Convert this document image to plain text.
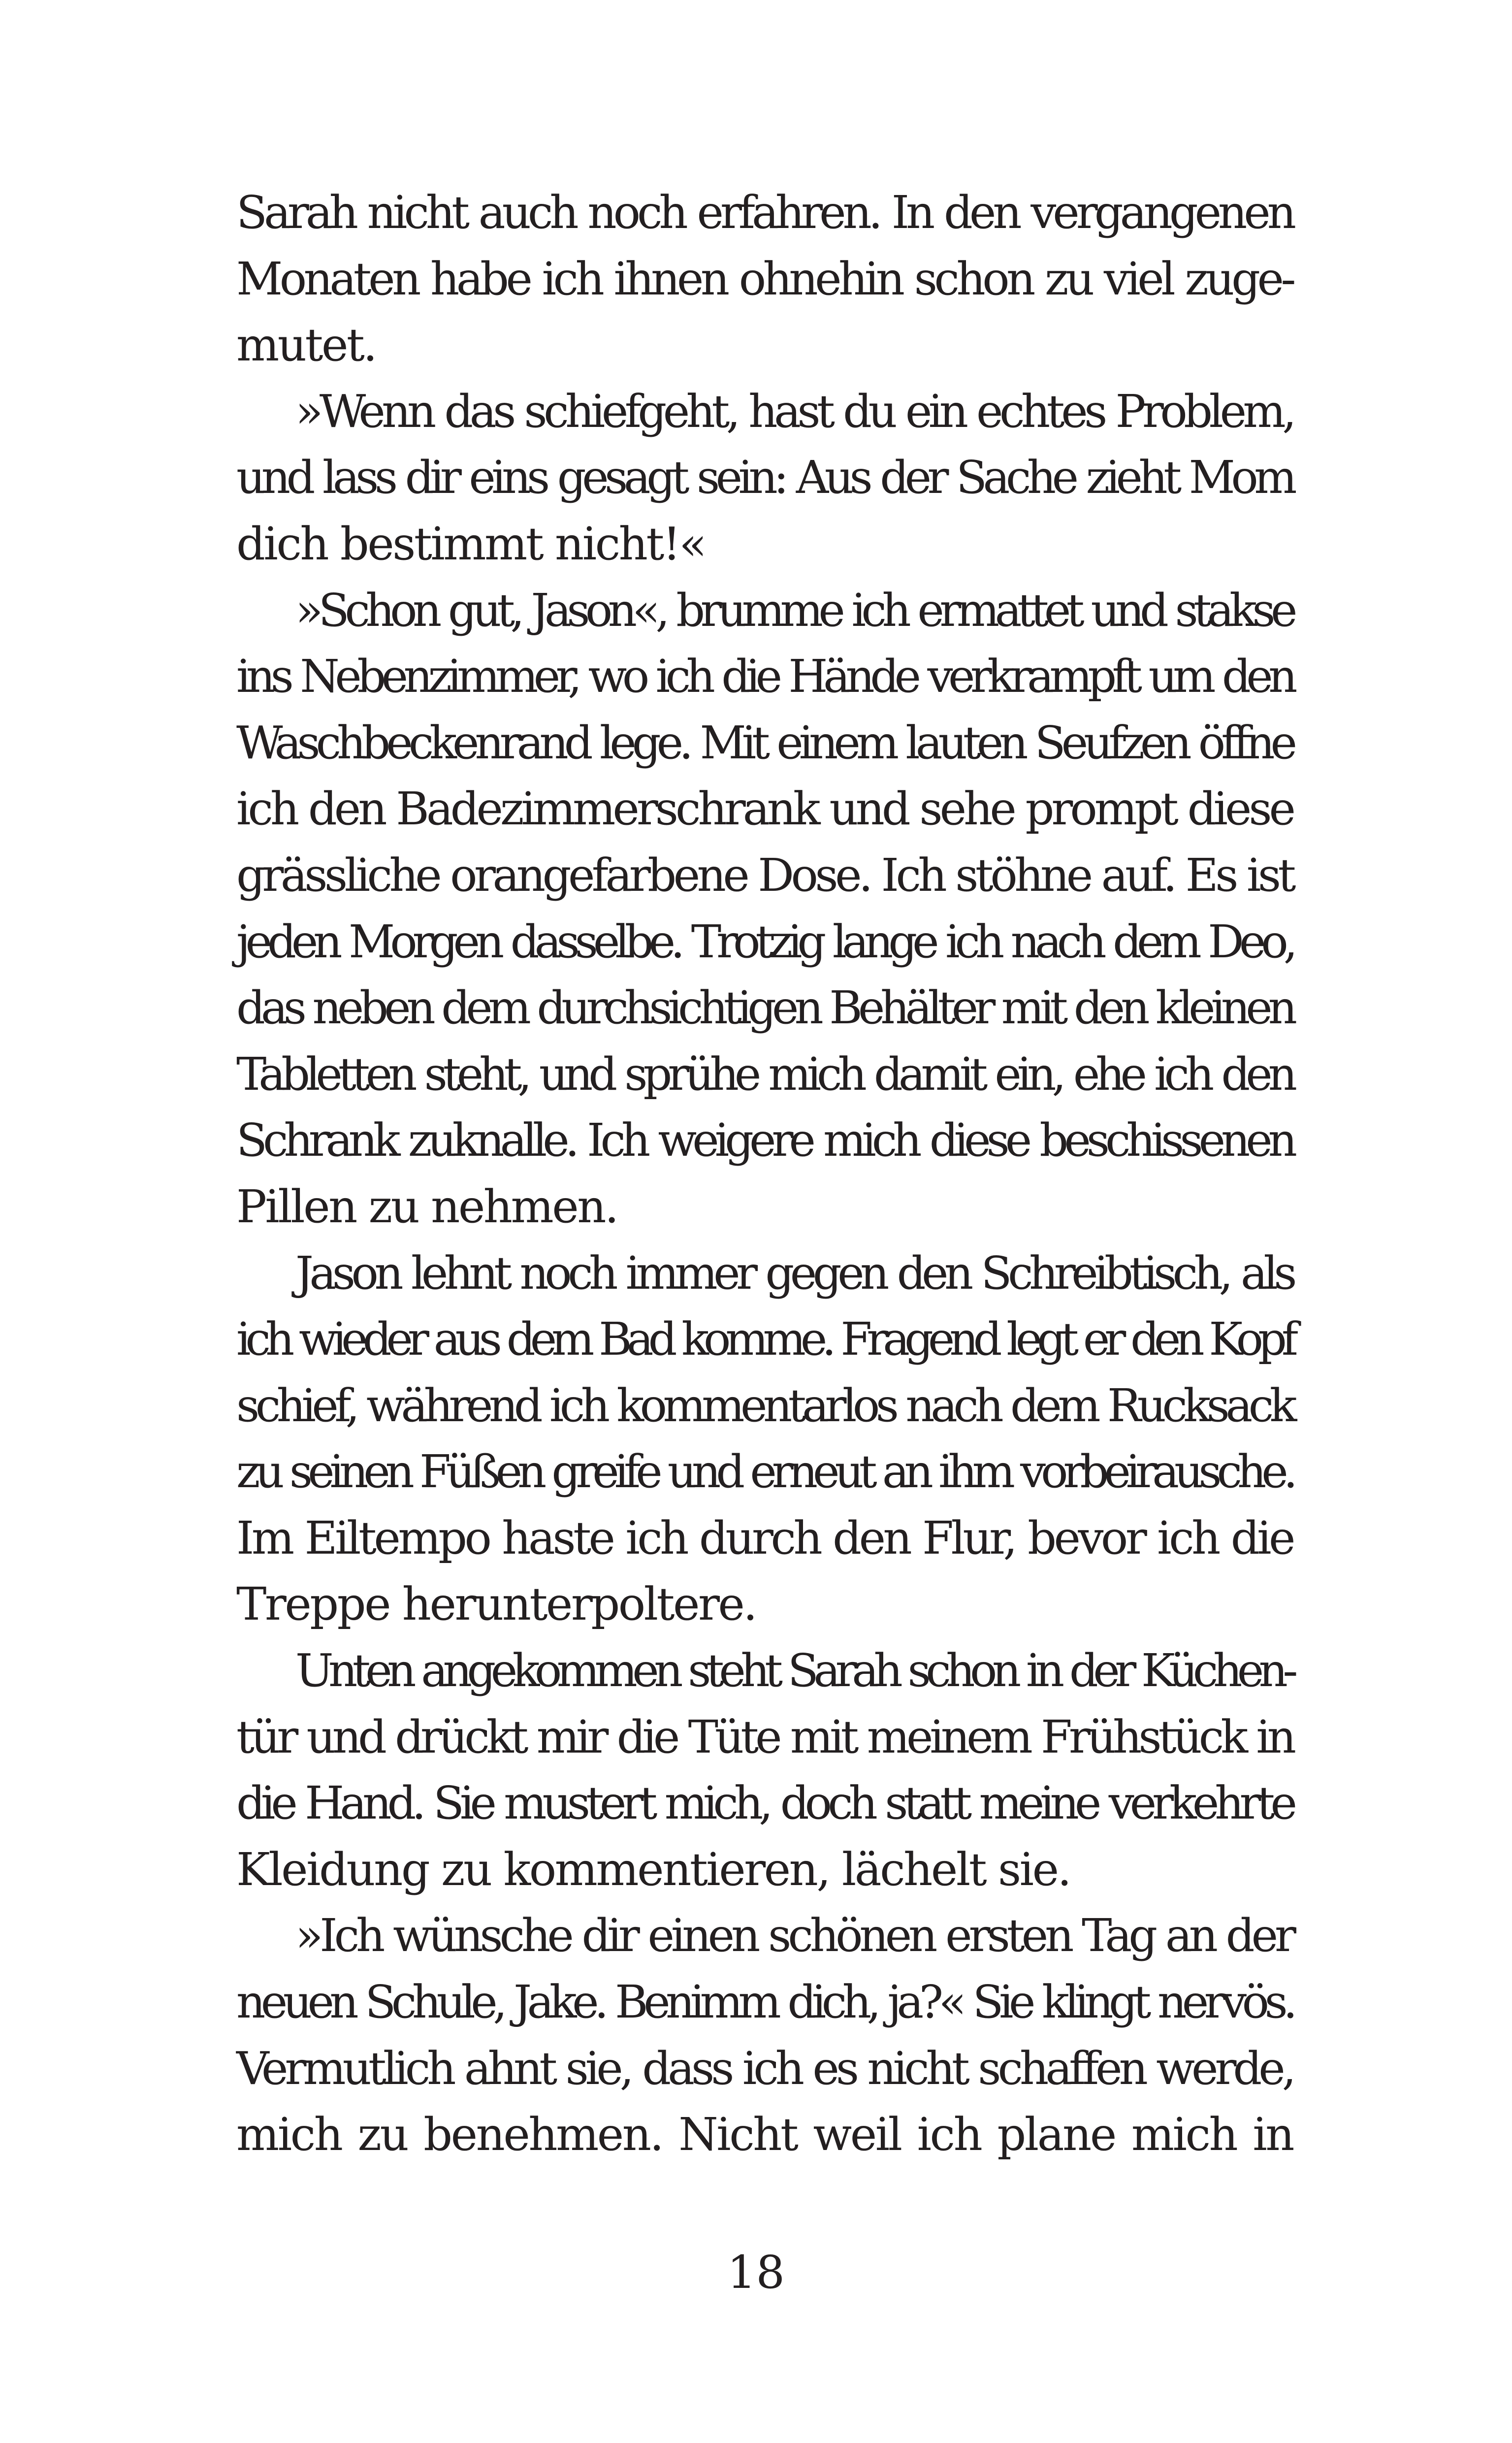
Sarah nicht auch noch erfahren. In den vergangenen
Monaten habe ich ihnen ohnehin schon zu viel zuge-
mutet.
»Wenn das schiefgeht, hast du ein echtes Problem,
und lass dir eins gesagt sein: Aus der Sache zieht Mom
dich bestimmt nicht!«
»Schon gut, Jason«, brumme ich ermattet und stakse
ins Nebenzimmer, wo ich die Hände verkrampft um den
Waschbeckenrand lege. Mit einem lauten Seufzen öffne
ich den Badezimmerschrank und sehe prompt diese
grässliche orangefarbene Dose. Ich stöhne auf. Es ist
jeden Morgen dasselbe. Trotzig lange ich nach dem Deo,
das neben dem durchsichtigen Behälter mit den kleinen
Tabletten steht, und sprühe mich damit ein, ehe ich den
Schrank zuknalle. Ich weigere mich diese beschissenen
Pillen zu nehmen.
Jason lehnt noch immer gegen den Schreibtisch, als
ich wieder aus dem Bad komme. Fragend legt er den Kopf
schief, während ich kommentarlos nach dem Rucksack
zu seinen Füßen greife und erneut an ihm vorbeirausche.
Im Eiltempo haste ich durch den Flur, bevor ich die
Treppe herunterpoltere.
Unten angekommen steht Sarah schon in der Küchen-
tür und drückt mir die Tüte mit meinem Frühstück in
die Hand. Sie mustert mich, doch statt meine verkehrte
Kleidung zu kommentieren, lächelt sie.
»Ich wünsche dir einen schönen ersten Tag an der
neuen Schule, Jake. Benimm dich, ja?« Sie klingt nervös.
Vermutlich ahnt sie, dass ich es nicht schaffen werde,
mich zu benehmen. Nicht weil ich plane mich in
18
